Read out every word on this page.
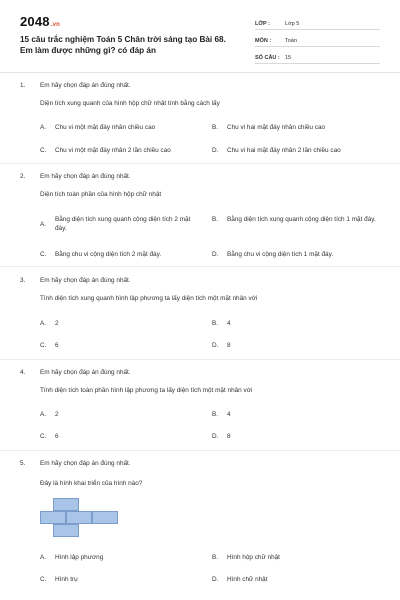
2048.vn
15 câu trắc nghiệm Toán 5 Chân trời sáng tạo Bài 68. Em làm được những gì? có đáp án
LỚP :	Lớp 5
MÔN :	Toán
SỐ CÂU : 15
1. Em hãy chọn đáp án đúng nhất.
Diện tích xung quanh của hình hộp chữ nhật tính bằng cách lấy
A.	Chu vi một mặt đáy nhân chiều cao	B.	Chu vi hai mặt đáy nhân chiều cao
C.	Chu vi một mặt đáy nhân 2 lần chiều cao	D.	Chu vi hai mặt đáy nhân 2 lần chiều cao
2. Em hãy chọn đáp án đúng nhất.
Diện tích toàn phần của hình hộp chữ nhật
A.
Bằng diện tích xung quanh cộng diện tích 2 mặt đáy.
B.	Bằng diện tích xung quanh cộng diện tích 1 mặt đáy.
C.	Bằng chu vi cộng diện tích 2 mặt đáy.	D.	Bằng chu vi cộng diện tích 1 mặt đáy.
3. Em hãy chọn đáp án đúng nhất.
Tính diện tích xung quanh hình lập phương ta lấy diện tích một mặt nhân với
A.	2	B.	4
C.	6	D.	8
4. Em hãy chọn đáp án đúng nhất.
Tính diện tích toàn phần hình lập phương ta lấy diện tích một mặt nhân với
A.	2	B.	4
C.	6	D.	8
5. Em hãy chọn đáp án đúng nhất.
Đây là hình khai triển của hình nào?
A.	Hình lập phương	B.	Hình hộp chữ nhật
C.	Hình trụ	D.	Hình chữ nhật
